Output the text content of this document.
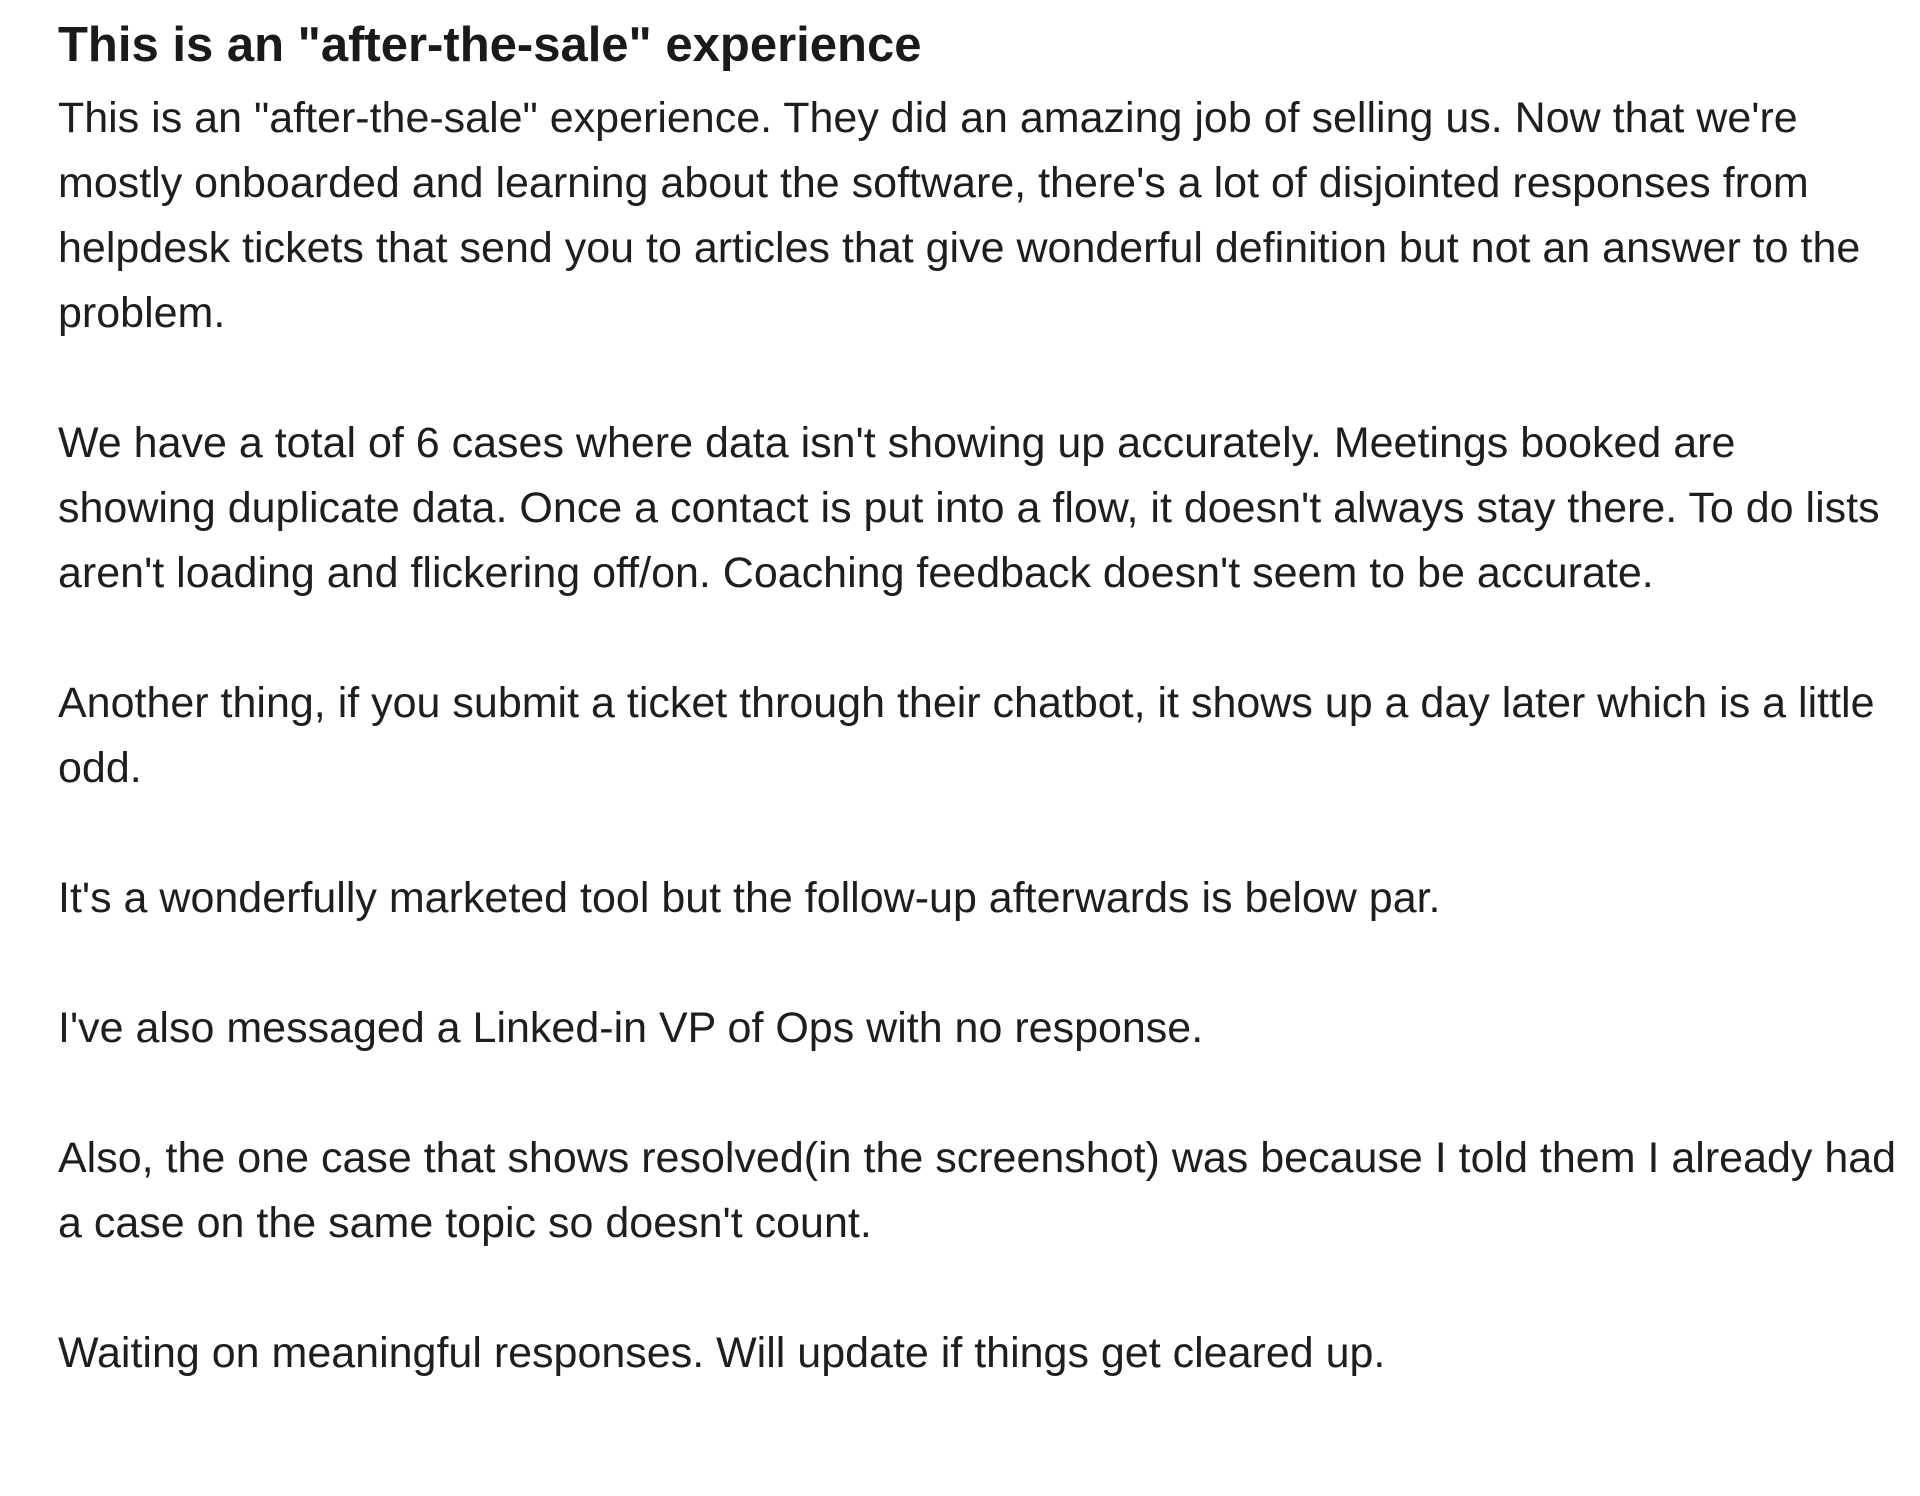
This is an "after-the-sale" experience

This is an "after-the-sale" experience. They did an amazing job of selling us. Now that we're mostly onboarded and learning about the software, there's a lot of disjointed responses from helpdesk tickets that send you to articles that give wonderful definition but not an answer to the problem.

We have a total of 6 cases where data isn't showing up accurately. Meetings booked are showing duplicate data. Once a contact is put into a flow, it doesn't always stay there. To do lists aren't loading and flickering off/on. Coaching feedback doesn't seem to be accurate.

Another thing, if you submit a ticket through their chatbot, it shows up a day later which is a little odd.

It's a wonderfully marketed tool but the follow-up afterwards is below par.

I've also messaged a Linked-in VP of Ops with no response.

Also, the one case that shows resolved(in the screenshot) was because I told them I already had a case on the same topic so doesn't count.

Waiting on meaningful responses. Will update if things get cleared up.
